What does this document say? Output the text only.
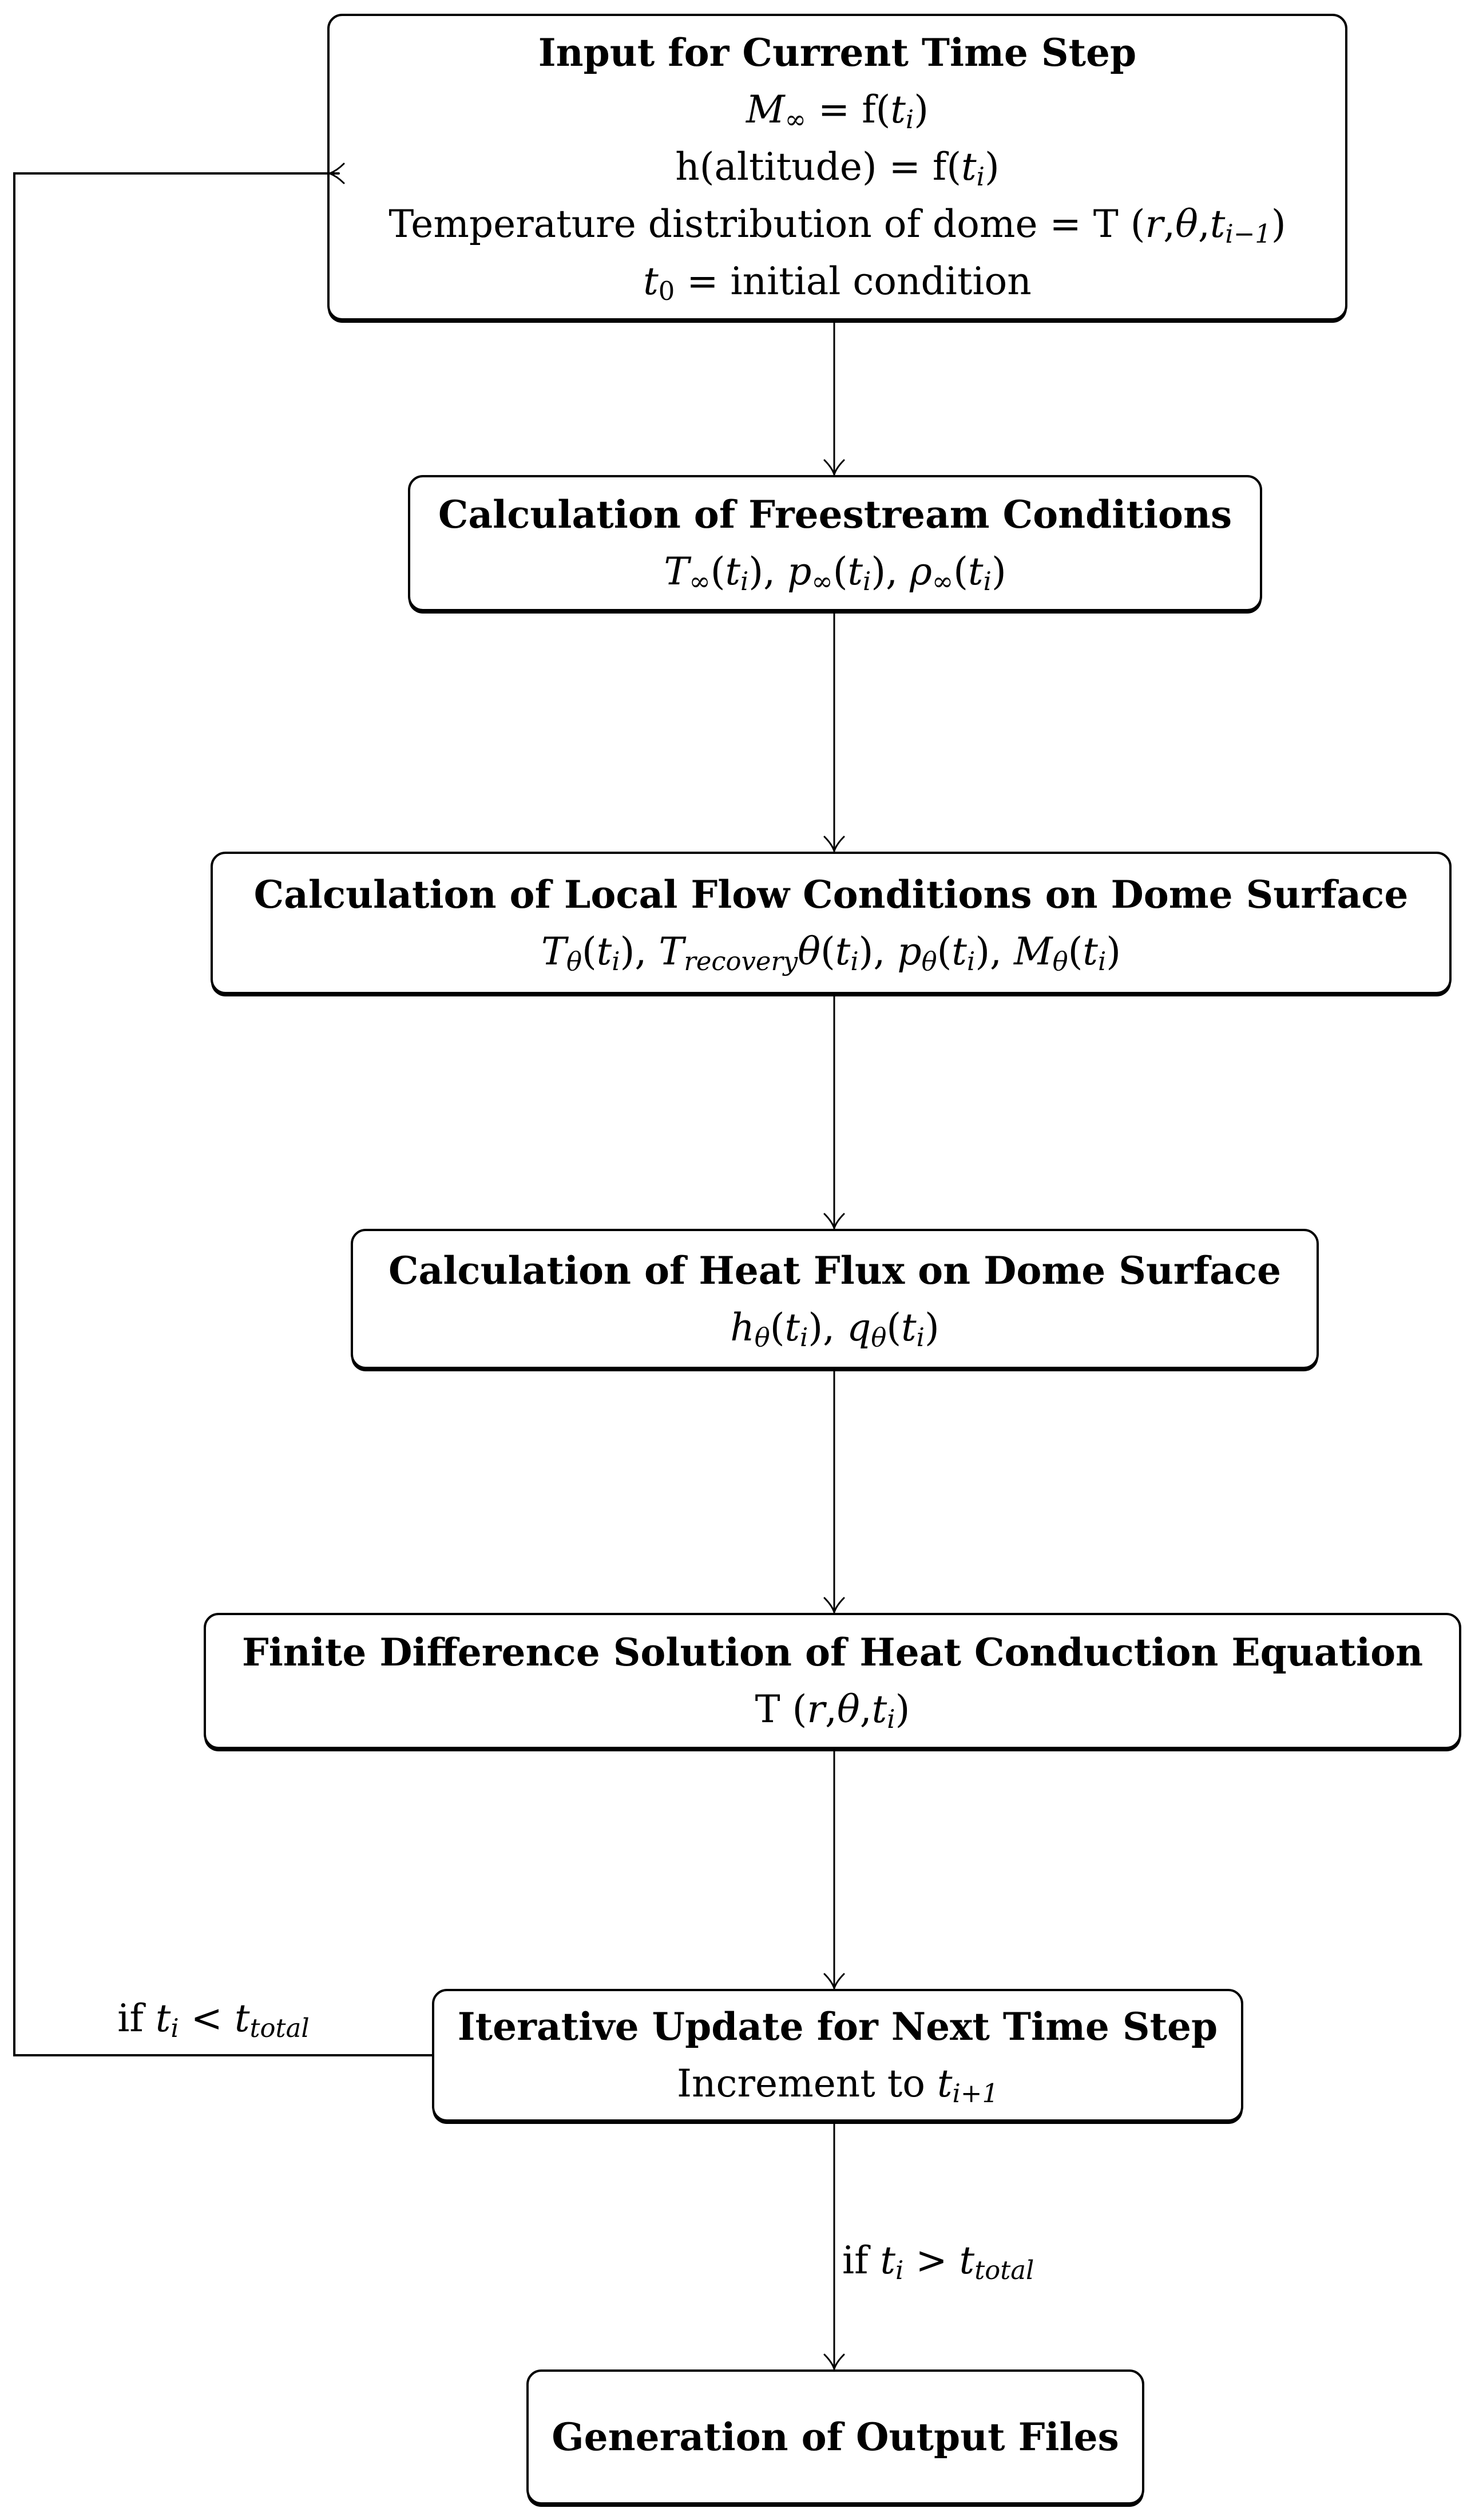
Input for Current Time Step
M∞ = f(ti)
h(altitude) = f(ti)
Temperature distribution of dome = T (r,θ,ti−1)
t0 = initial condition
Calculation of Freestream Conditions
T∞(ti), p∞(ti), ρ∞(ti)
Calculation of Local Flow Conditions on Dome Surface
Tθ(ti), Trecoveryθ(ti), pθ(ti), Mθ(ti)
Calculation of Heat Flux on Dome Surface
hθ(ti), qθ(ti)
Finite Difference Solution of Heat Conduction Equation
T (r,θ,ti)
Iterative Update for Next Time Step
Increment to ti+1
Generation of Output Files
if ti < ttotal
if ti > ttotal
